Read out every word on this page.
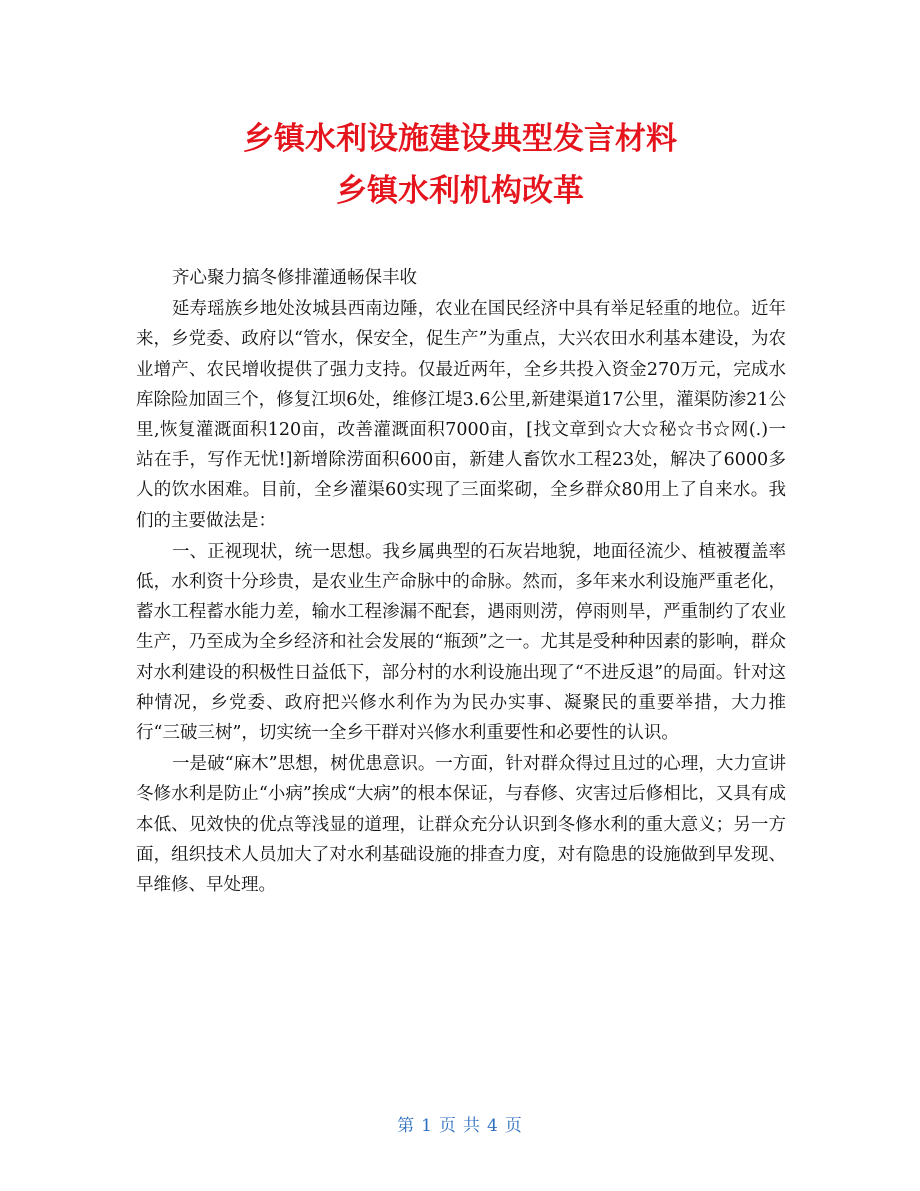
乡镇水利设施建设典型发言材料
乡镇水利机构改革

齐心聚力搞冬修排灌通畅保丰收

延寿瑶族乡地处汝城县西南边陲，农业在国民经济中具有举足轻重的地位。近年来，乡党委、政府以“管水，保安全，促生产”为重点，大兴农田水利基本建设，为农业增产、农民增收提供了强力支持。仅最近两年，全乡共投入资金270万元，完成水库除险加固三个，修复江坝6处，维修江堤3.6公里,新建渠道17公里，灌渠防渗21公里,恢复灌溉面积120亩，改善灌溉面积7000亩，[找文章到☆大☆秘☆书☆网(.)一站在手，写作无忧!]新增除涝面积600亩，新建人畜饮水工程23处，解决了6000多人的饮水困难。目前，全乡灌渠60实现了三面桨砌，全乡群众80用上了自来水。我们的主要做法是：

一、正视现状，统一思想。我乡属典型的石灰岩地貌，地面径流少、植被覆盖率低，水利资十分珍贵，是农业生产命脉中的命脉。然而，多年来水利设施严重老化，蓄水工程蓄水能力差，输水工程渗漏不配套，遇雨则涝，停雨则旱，严重制约了农业生产，乃至成为全乡经济和社会发展的“瓶颈”之一。尤其是受种种因素的影响，群众对水利建设的积极性日益低下，部分村的水利设施出现了“不进反退”的局面。针对这种情况，乡党委、政府把兴修水利作为为民办实事、凝聚民的重要举措，大力推行“三破三树”，切实统一全乡干群对兴修水利重要性和必要性的认识。

一是破“麻木”思想，树优患意识。一方面，针对群众得过且过的心理，大力宣讲冬修水利是防止“小病”挨成“大病”的根本保证，与春修、灾害过后修相比，又具有成本低、见效快的优点等浅显的道理，让群众充分认识到冬修水利的重大意义；另一方面，组织技术人员加大了对水利基础设施的排查力度，对有隐患的设施做到早发现、早维修、早处理。

第 1 页 共 4 页
